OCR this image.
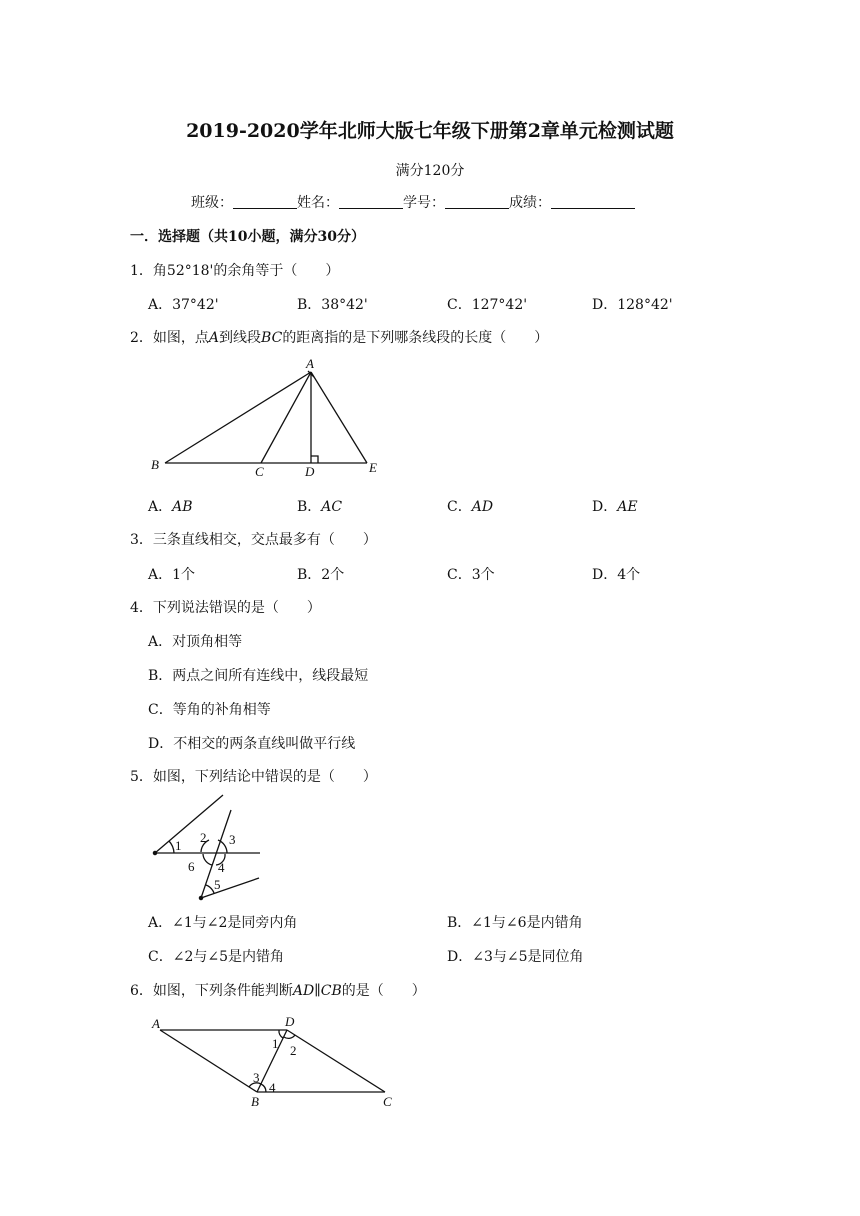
2019-2020学年北师大版七年级下册第2章单元检测试题
满分120分
班级：	姓名：	学号：	成绩：
一．选择题（共10小题，满分30分）
1．角52°18'的余角等于（　　）
A．37°42'	B．38°42'	C．127°42'	D．128°42'
2．如图，点A到线段BC的距离指的是下列哪条线段的长度（　　）
A
B	C	D	E
A．AB	B．AC	C．AD	D．AE
3．三条直线相交，交点最多有（　　）
A．1个	B．2个	C．3个	D．4个
4．下列说法错误的是（　　）
A．对顶角相等
B．两点之间所有连线中，线段最短
C．等角的补角相等
D．不相交的两条直线叫做平行线
5．如图，下列结论中错误的是（　　）
1
2 3
4
5
6
A．∠1与∠2是同旁内角	B．∠1与∠6是内错角
C．∠2与∠5是内错角	D．∠3与∠5是同位角
6．如图，下列条件能判断AD∥CB的是（　　）
A	D
B	C
1 2
3
4
